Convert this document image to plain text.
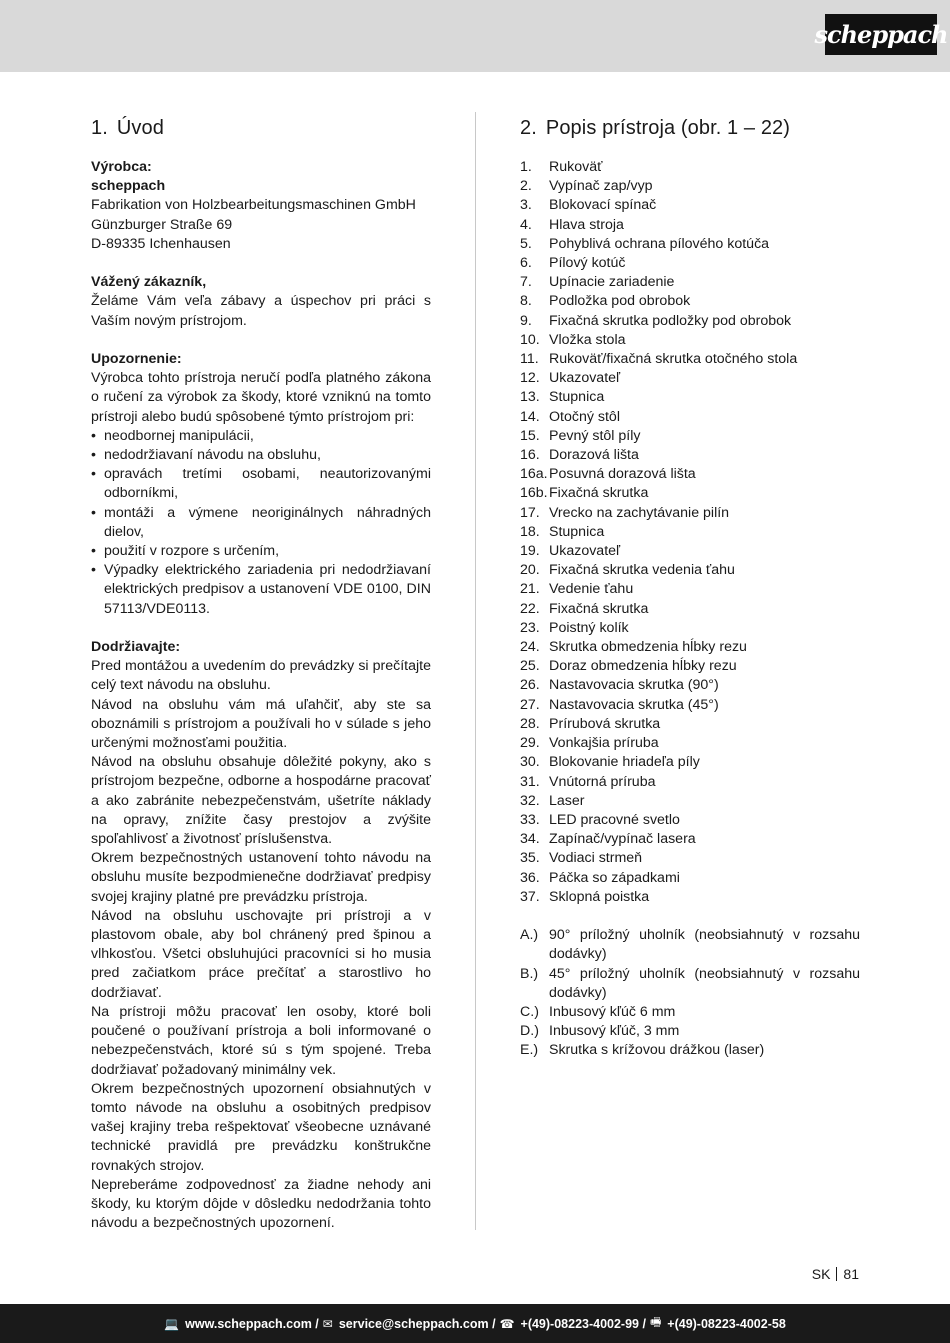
scheppach
1. Úvod
Výrobca:
scheppach
Fabrikation von Holzbearbeitungsmaschinen GmbH
Günzburger Straße 69
D-89335 Ichenhausen
Vážený zákazník,

Želáme Vám veľa zábavy a úspechov pri práci s Vaším novým prístrojom.

Upozornenie:

Výrobca tohto prístroja neručí podľa platného zákona o ručení za výrobok za škody, ktoré vzniknú na tomto prístroji alebo budú spôsobené týmto prístrojom pri:

• neodbornej manipulácii,
• nedodržiavaní návodu na obsluhu,
• opravách tretími osobami, neautorizovanými odborníkmi,
• montáži a výmene neoriginálnych náhradných dielov,
• použití v rozpore s určením,
• Výpadky elektrického zariadenia pri nedodržiavaní elektrických predpisov a ustanovení VDE 0100, DIN 57113/VDE0113.
Dodržiavajte:

Pred montážou a uvedením do prevádzky si prečítajte celý text návodu na obsluhu.

Návod na obsluhu vám má uľahčiť, aby ste sa oboznámili s prístrojom a používali ho v súlade s jeho určenými možnosťami použitia.

Návod na obsluhu obsahuje dôležité pokyny, ako s prístrojom bezpečne, odborne a hospodárne pracovať a ako zabránite nebezpečenstvám, ušetríte náklady na opravy, znížite časy prestojov a zvýšite spoľahlivosť a životnosť príslušenstva.

Okrem bezpečnostných ustanovení tohto návodu na obsluhu musíte bezpodmienečne dodržiavať predpisy svojej krajiny platné pre prevádzku prístroja.

Návod na obsluhu uschovajte pri prístroji a v plastovom obale, aby bol chránený pred špinou a vlhkosťou. Všetci obsluhujúci pracovníci si ho musia pred začiatkom práce prečítať a starostlivo ho dodržiavať.

Na prístroji môžu pracovať len osoby, ktoré boli poučené o používaní prístroja a boli informované o nebezpečenstvách, ktoré sú s tým spojené. Treba dodržiavať požadovaný minimálny vek.

Okrem bezpečnostných upozornení obsiahnutých v tomto návode na obsluhu a osobitných predpisov vašej krajiny treba rešpektovať všeobecne uznávané technické pravidlá pre prevádzku konštrukčne rovnakých strojov.

Nepreberáme zodpovednosť za žiadne nehody ani škody, ku ktorým dôjde v dôsledku nedodržania tohto návodu a bezpečnostných upozornení.

2. Popis prístroja (obr. 1 – 22)
1.	Rukoväť
2.	Vypínač zap/vyp
3.	Blokovací spínač
4.	Hlava stroja
5.	Pohyblivá ochrana pílového kotúča
6.	Pílový kotúč
7.	Upínacie zariadenie
8.	Podložka pod obrobok
9.	Fixačná skrutka podložky pod obrobok
10. Vložka stola
11. Rukoväť/fixačná skrutka otočného stola
12. Ukazovateľ
13. Stupnica
14. Otočný stôl
15. Pevný stôl píly
16. Dorazová lišta
16a. Posuvná dorazová lišta
16b. Fixačná skrutka
17. Vrecko na zachytávanie pilín
18. Stupnica
19. Ukazovateľ
20. Fixačná skrutka vedenia ťahu
21. Vedenie ťahu
22. Fixačná skrutka
23. Poistný kolík
24. Skrutka obmedzenia hĺbky rezu
25. Doraz obmedzenia hĺbky rezu
26. Nastavovacia skrutka (90°)
27. Nastavovacia skrutka (45°)
28. Prírubová skrutka
29. Vonkajšia príruba
30. Blokovanie hriadeľa píly
31. Vnútorná príruba
32. Laser
33. LED pracovné svetlo
34. Zapínač/vypínač lasera
35. Vodiaci strmeň
36. Páčka so západkami
37. Sklopná poistka
A.) 90° príložný uholník (neobsiahnutý v rozsahu dodávky)
B.) 45° príložný uholník (neobsiahnutý v rozsahu dodávky)
C.) Inbusový kľúč 6 mm
D.) Inbusový kľúč, 3 mm
E.) Skrutka s krížovou drážkou (laser)
SK 81
💻 www.scheppach.com / ✉ service@scheppach.com / ☎ +(49)-08223-4002-99 / 🖷 +(49)-08223-4002-58
